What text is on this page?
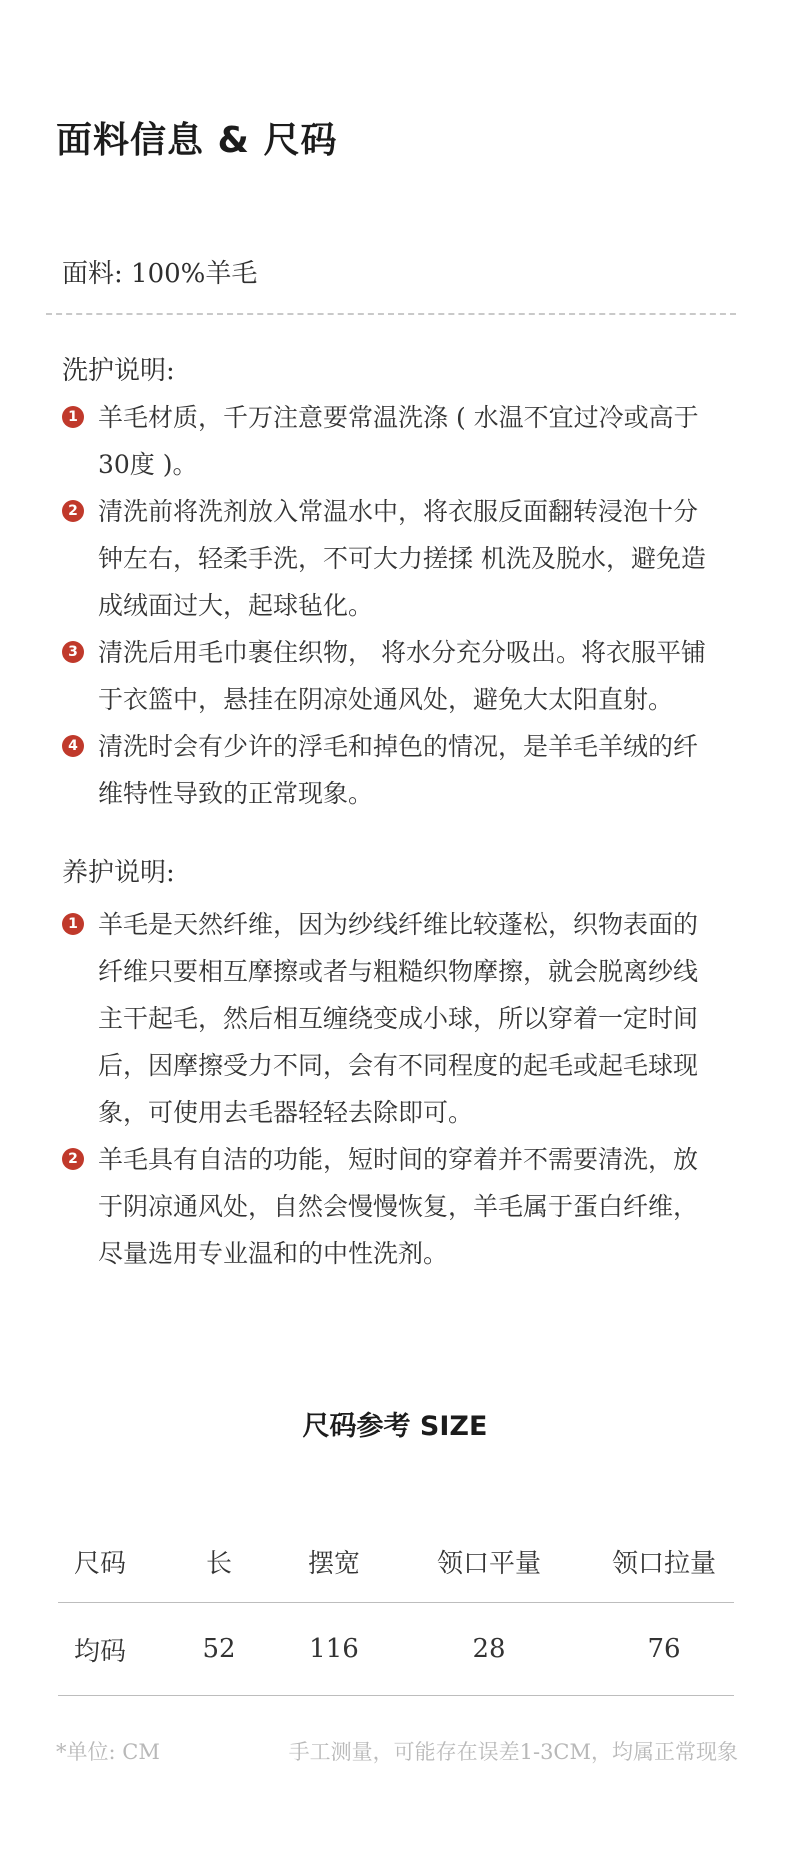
面料信息 & 尺码
面料: 100%羊毛
洗护说明:
1 羊毛材质，千万注意要常温洗涤 ( 水温不宜过冷或高于30度 )。
2 清洗前将洗剂放入常温水中，将衣服反面翻转浸泡十分钟左右，轻柔手洗，不可大力搓揉 机洗及脱水，避免造成绒面过大，起球毡化。
3 清洗后用毛巾裹住织物， 将水分充分吸出。将衣服平铺于衣篮中，悬挂在阴凉处通风处，避免大太阳直射。
4 清洗时会有少许的浮毛和掉色的情况，是羊毛羊绒的纤维特性导致的正常现象。
养护说明:
1 羊毛是天然纤维，因为纱线纤维比较蓬松，织物表面的纤维只要相互摩擦或者与粗糙织物摩擦，就会脱离纱线主干起毛，然后相互缠绕变成小球，所以穿着一定时间后，因摩擦受力不同，会有不同程度的起毛或起毛球现象，可使用去毛器轻轻去除即可。
2 羊毛具有自洁的功能，短时间的穿着并不需要清洗，放于阴凉通风处，自然会慢慢恢复，羊毛属于蛋白纤维，尽量选用专业温和的中性洗剂。
尺码参考 SIZE
尺码	长	摆宽	领口平量	领口拉量
均码	52	116	28	76
*单位: CM	手工测量，可能存在误差1-3CM，均属正常现象
